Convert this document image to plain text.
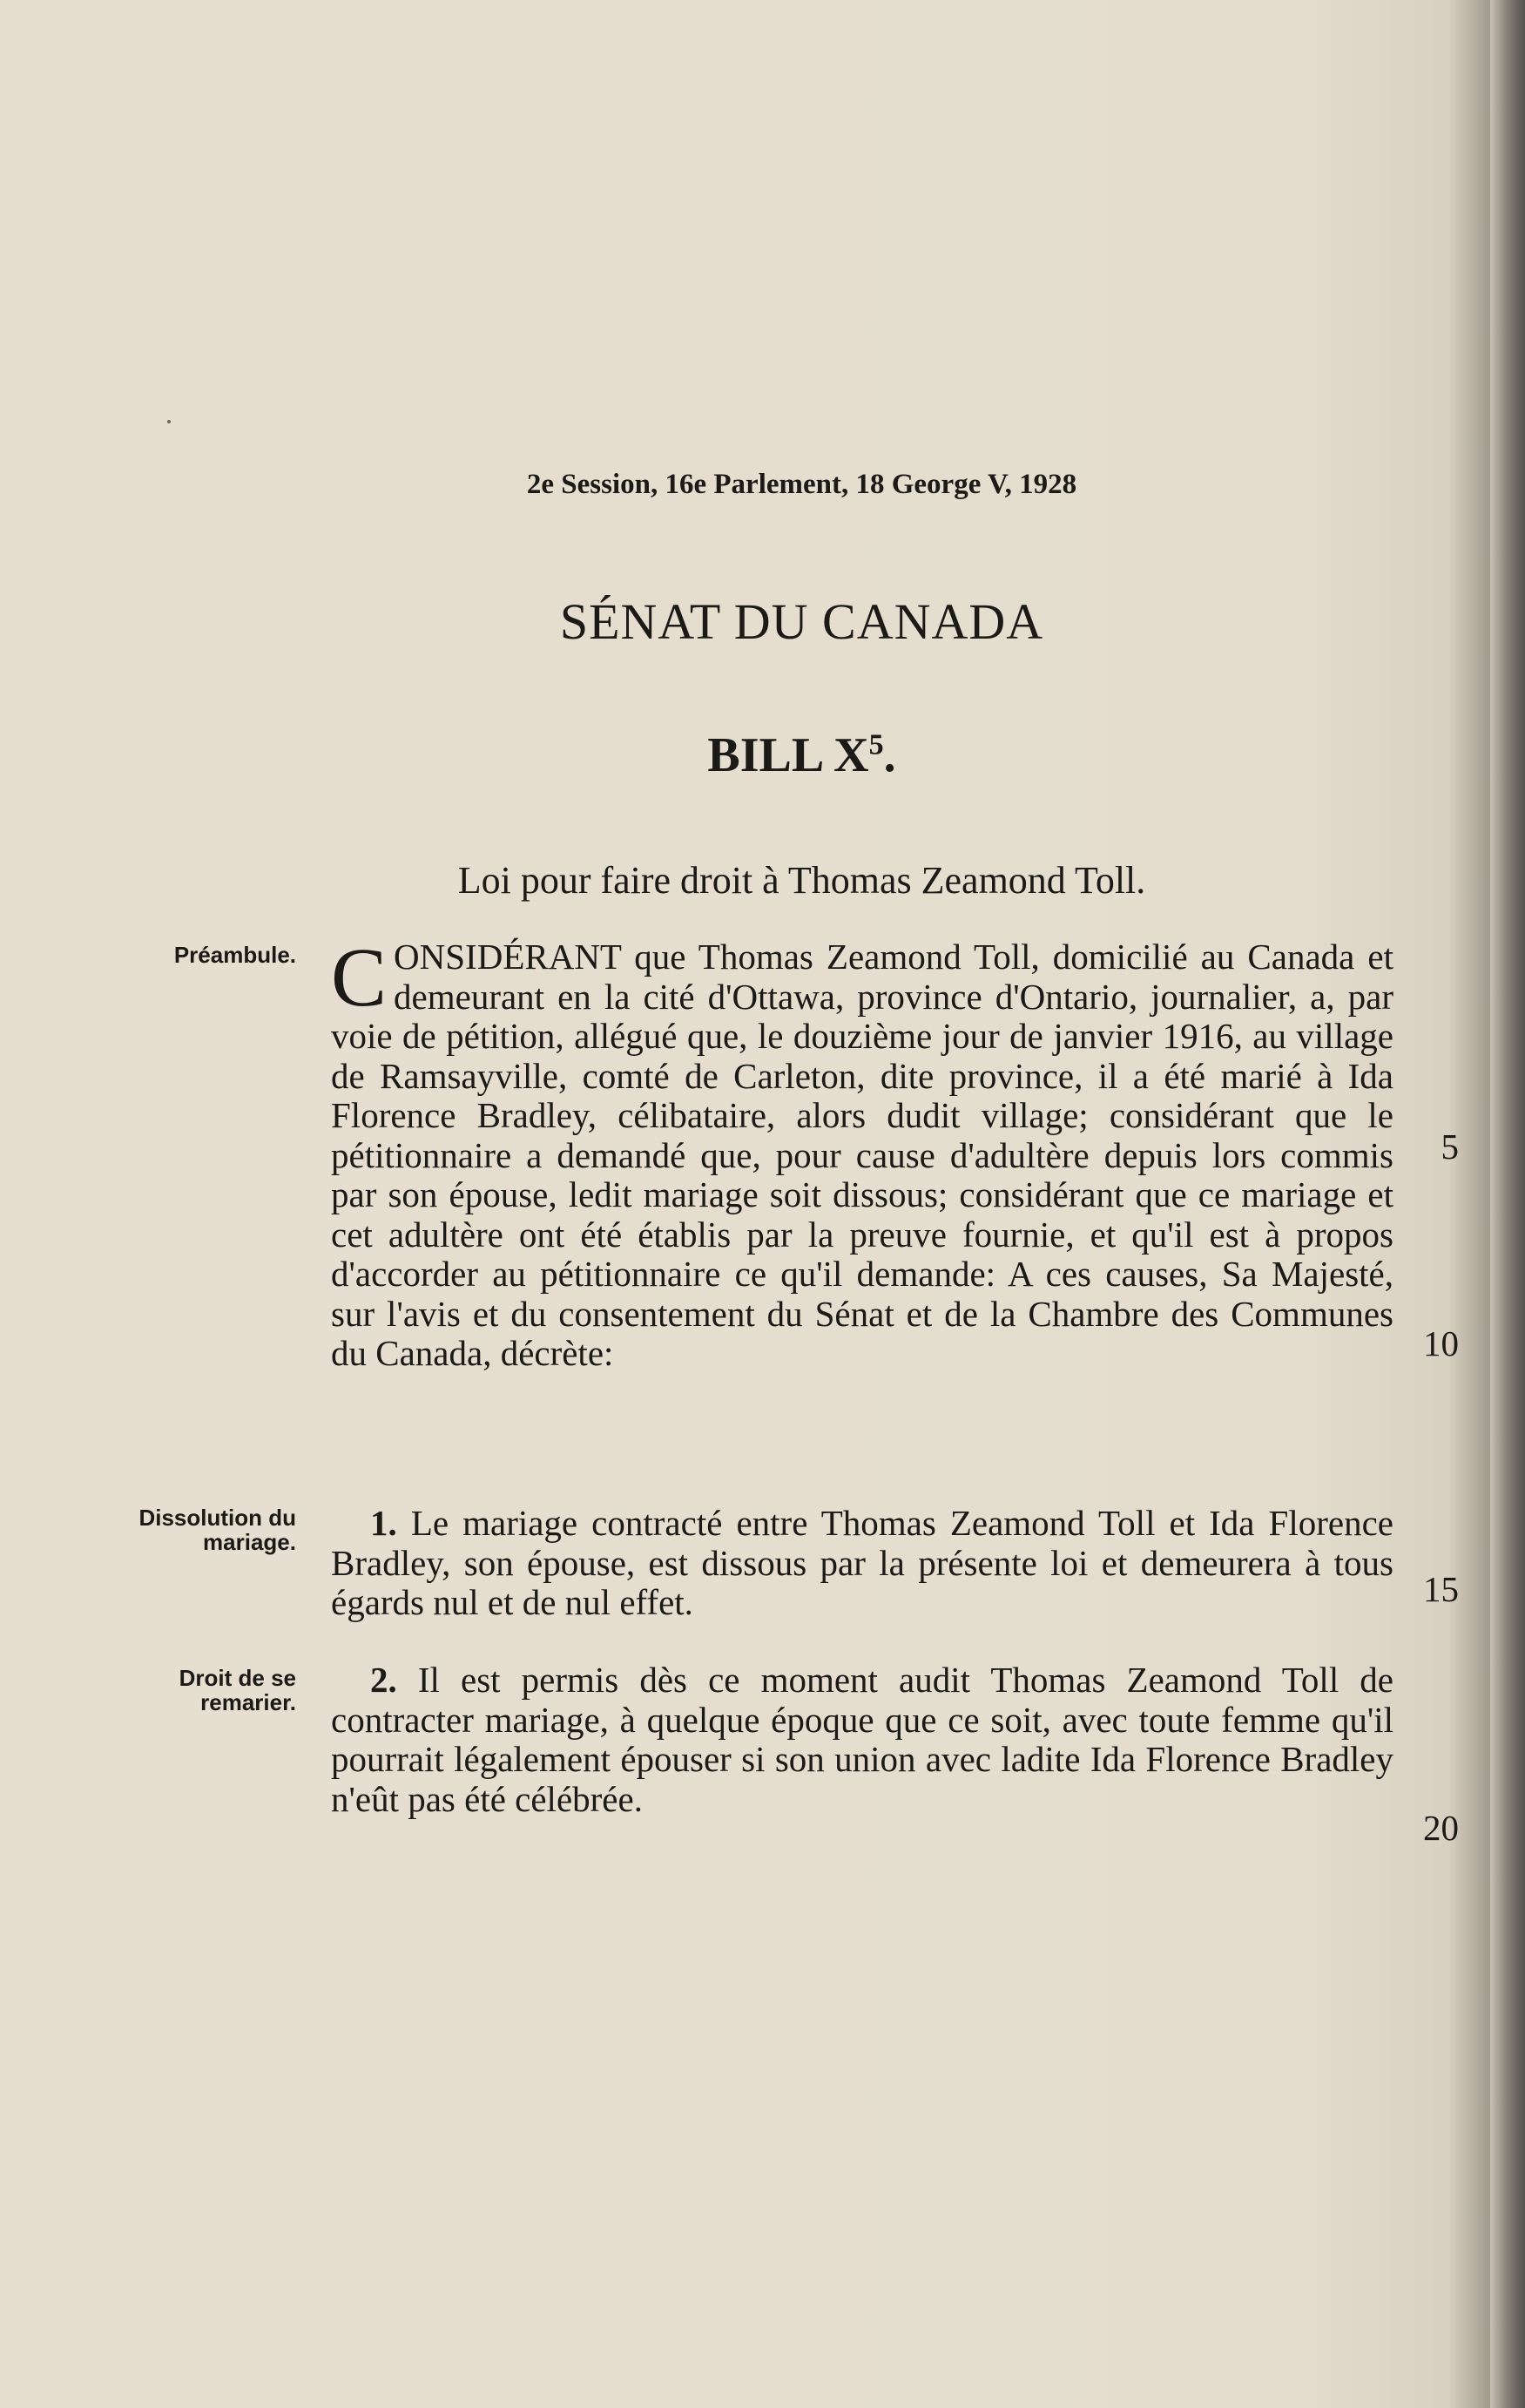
2e Session, 16e Parlement, 18 George V, 1928
SÉNAT DU CANADA
BILL $X^5$.
Loi pour faire droit à Thomas Zeamond Toll.
Préambule. CONSIDÉRANT que Thomas Zeamond Toll, domicilié au Canada et demeurant en la cité d'Ottawa, province d'Ontario, journalier, a, par voie de pétition, allégué que, le douzième jour de janvier 1916, au village de Ramsayville, comté de Carleton, dite province, il a été marié à Ida Florence Bradley, célibataire, alors dudit village; considérant que le pétitionnaire a demandé que, pour cause d'adultère depuis lors commis par son épouse, ledit mariage soit dissous; considérant que ce mariage et cet adultère ont été établis par la preuve fournie, et qu'il est à propos d'accorder au pétitionnaire ce qu'il demande: A ces causes, Sa Majesté, sur l'avis et du consentement du Sénat et de la Chambre des Communes du Canada, décrète:

Dissolution du mariage.	1. Le mariage contracté entre Thomas Zeamond Toll et Ida Florence Bradley, son épouse, est dissous par la présente loi et demeurera à tous égards nul et de nul effet.

Droit de se remarier.

2. Il est permis dès ce moment audit Thomas Zeamond Toll de contracter mariage, à quelque époque que ce soit, avec toute femme qu'il pourrait légalement épouser si son union avec ladite Ida Florence Bradley n'eût pas été célébrée.

5
10
15
20
